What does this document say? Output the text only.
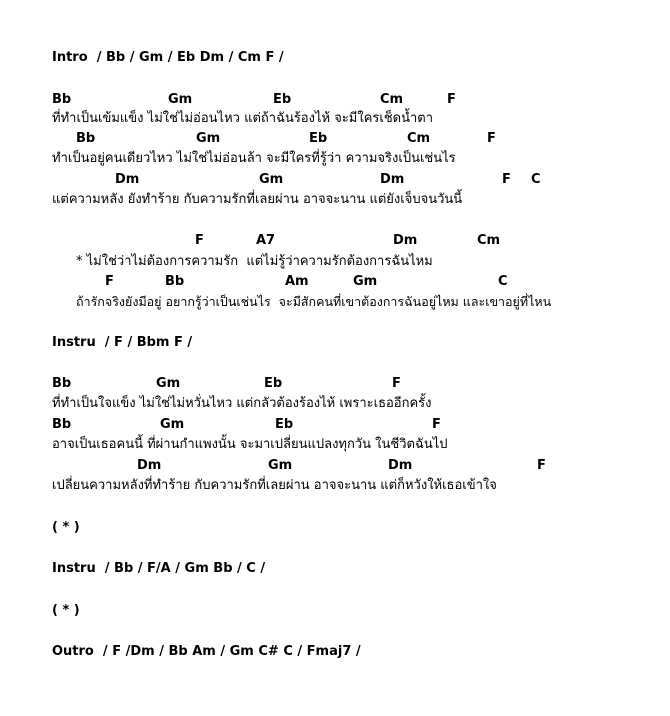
Intro  / Bb / Gm / Eb Dm / Cm F /
Bb	Gm	Eb	Cm	F
ที่ทำเป็นเข้มแข็ง ไม่ใช่ไม่อ่อนไหว แต่ถ้าฉันร้องไห้ จะมีใครเช็ดน้ำตา
Bb	Gm	Eb	Cm	F
ทำเป็นอยู่คนเดียวไหว ไม่ใช่ไม่อ่อนล้า จะมีใครที่รู้ว่า ความจริงเป็นเช่นไร
Dm	Gm	Dm	F C
แต่ความหลัง ยังทำร้าย กับความรักที่เลยผ่าน อาจจะนาน แต่ยังเจ็บจนวันนี้
F	A7	Dm	Cm
* ไม่ใช่ว่าไม่ต้องการความรัก  แต่ไม่รู้ว่าความรักต้องการฉันไหม
F	Bb	Am	Gm	C
ถ้ารักจริงยังมีอยู่ อยากรู้ว่าเป็นเช่นไร  จะมีสักคนที่เขาต้องการฉันอยู่ไหม และเขาอยู่ที่ไหน
Instru  / F / Bbm F /
Bb	Gm	Eb	F
ที่ทำเป็นใจแข็ง ไม่ใช่ไม่หวั่นไหว แต่กลัวต้องร้องไห้ เพราะเธออีกครั้ง
Bb	Gm	Eb	F
อาจเป็นเธอคนนี้ ที่ผ่านกำแพงนั้น จะมาเปลี่ยนแปลงทุกวัน ในชีวิตฉันไป
Dm	Gm	Dm	F
เปลี่ยนความหลังที่ทำร้าย กับความรักที่เลยผ่าน อาจจะนาน แต่ก็หวังให้เธอเข้าใจ
( * )
Instru  / Bb / F/A / Gm Bb / C /
( * )
Outro  / F /Dm / Bb Am / Gm C# C / Fmaj7 /
